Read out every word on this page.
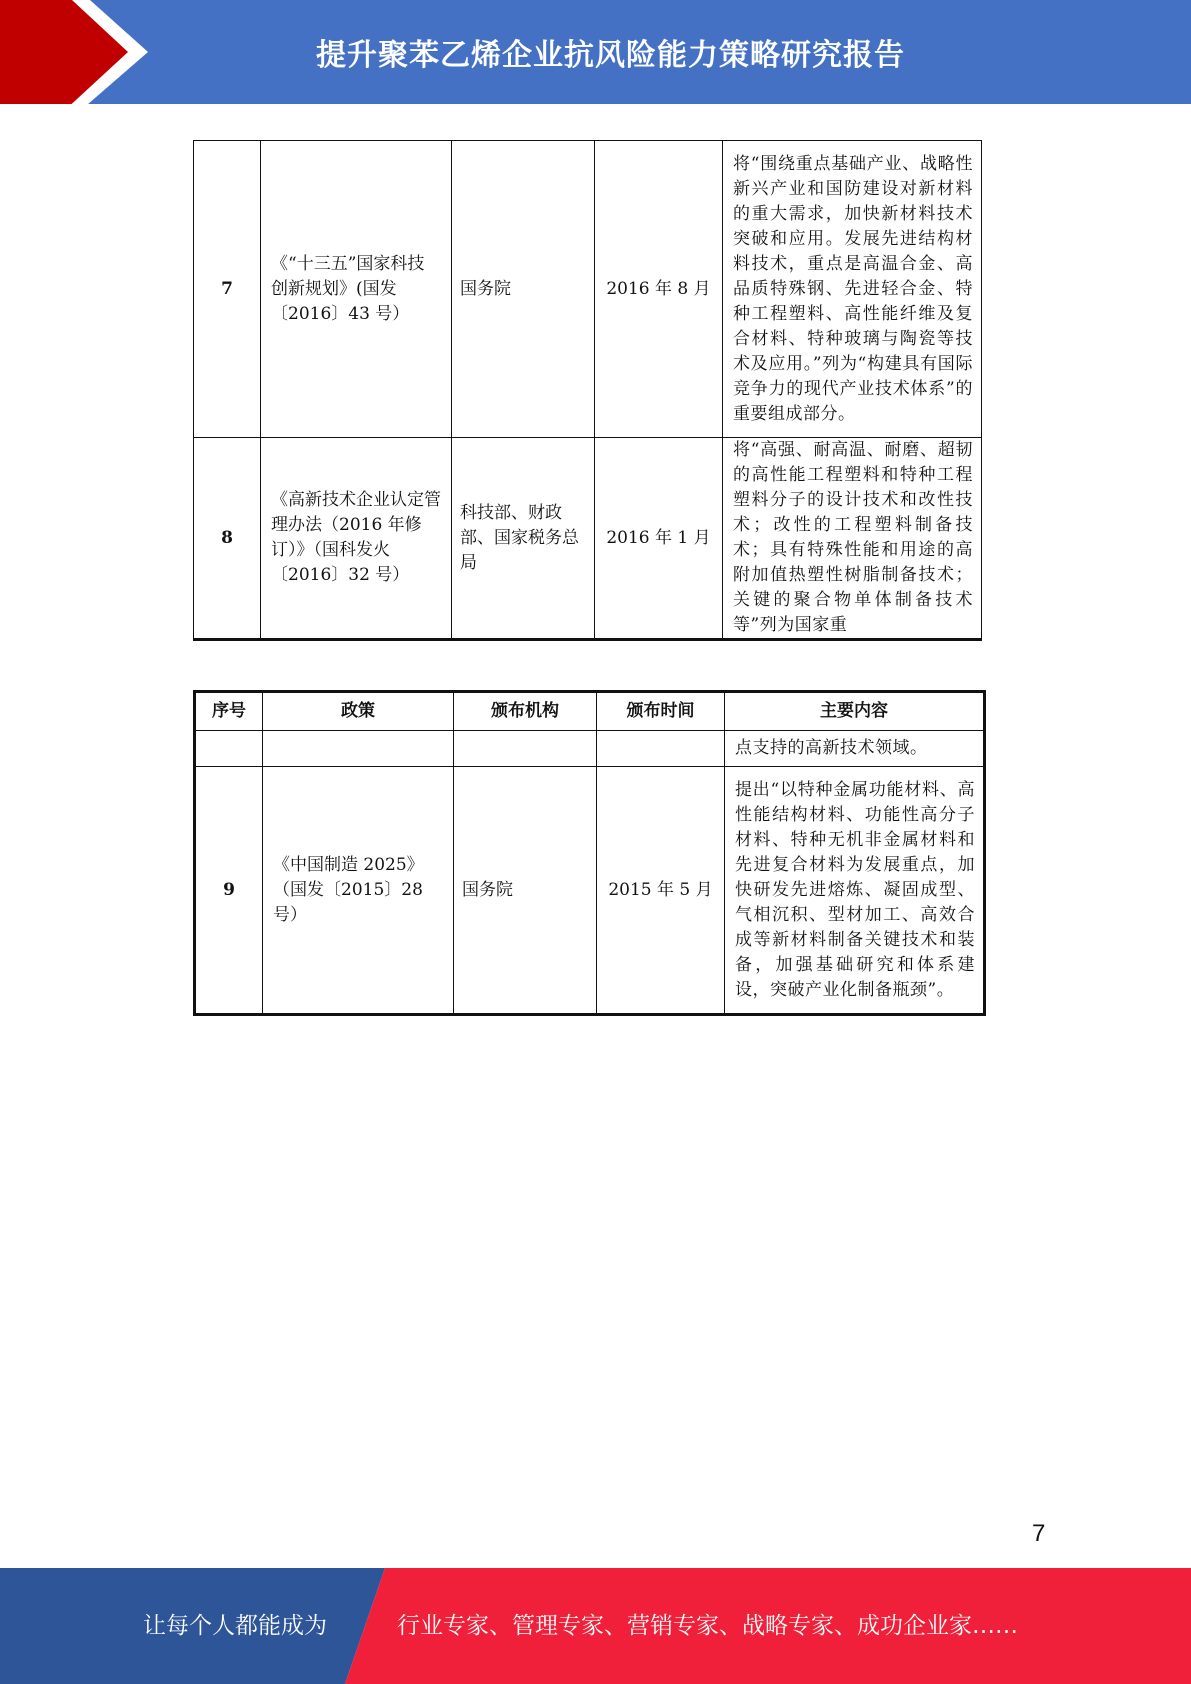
提升聚苯乙烯企业抗风险能力策略研究报告
7	《“十三五”国家科技创新规划》(国发〔2016〕43 号）	国务院	2016 年 8 月	将“围绕重点基础产业、战略性新兴产业和国防建设对新材料的重大需求，加快新材料技术突破和应用。发展先进结构材料技术，重点是高温合金、高品质特殊钢、先进轻合金、特种工程塑料、高性能纤维及复合材料、特种玻璃与陶瓷等技术及应用。”列为“构建具有国际竞争力的现代产业技术体系”的重要组成部分。
8	《高新技术企业认定管理办法（2016 年修订）》（国科发火〔2016〕32 号）	科技部、财政部、国家税务总局	2016 年 1 月	将“高强、耐高温、耐磨、超韧的高性能工程塑料和特种工程塑料分子的设计技术和改性技术；改性的工程塑料制备技术；具有特殊性能和用途的高附加值热塑性树脂制备技术；关键的聚合物单体制备技术等”列为国家重
序号	政策	颁布机构	颁布时间	主要内容
				点支持的高新技术领域。
9	《中国制造 2025》（国发〔2015〕28 号）	国务院	2015 年 5 月	提出“以特种金属功能材料、高性能结构材料、功能性高分子材料、特种无机非金属材料和先进复合材料为发展重点，加快研发先进熔炼、凝固成型、气相沉积、型材加工、高效合成等新材料制备关键技术和装备，加强基础研究和体系建设，突破产业化制备瓶颈”。
7
让每个人都能成为	行业专家、管理专家、营销专家、战略专家、成功企业家……
